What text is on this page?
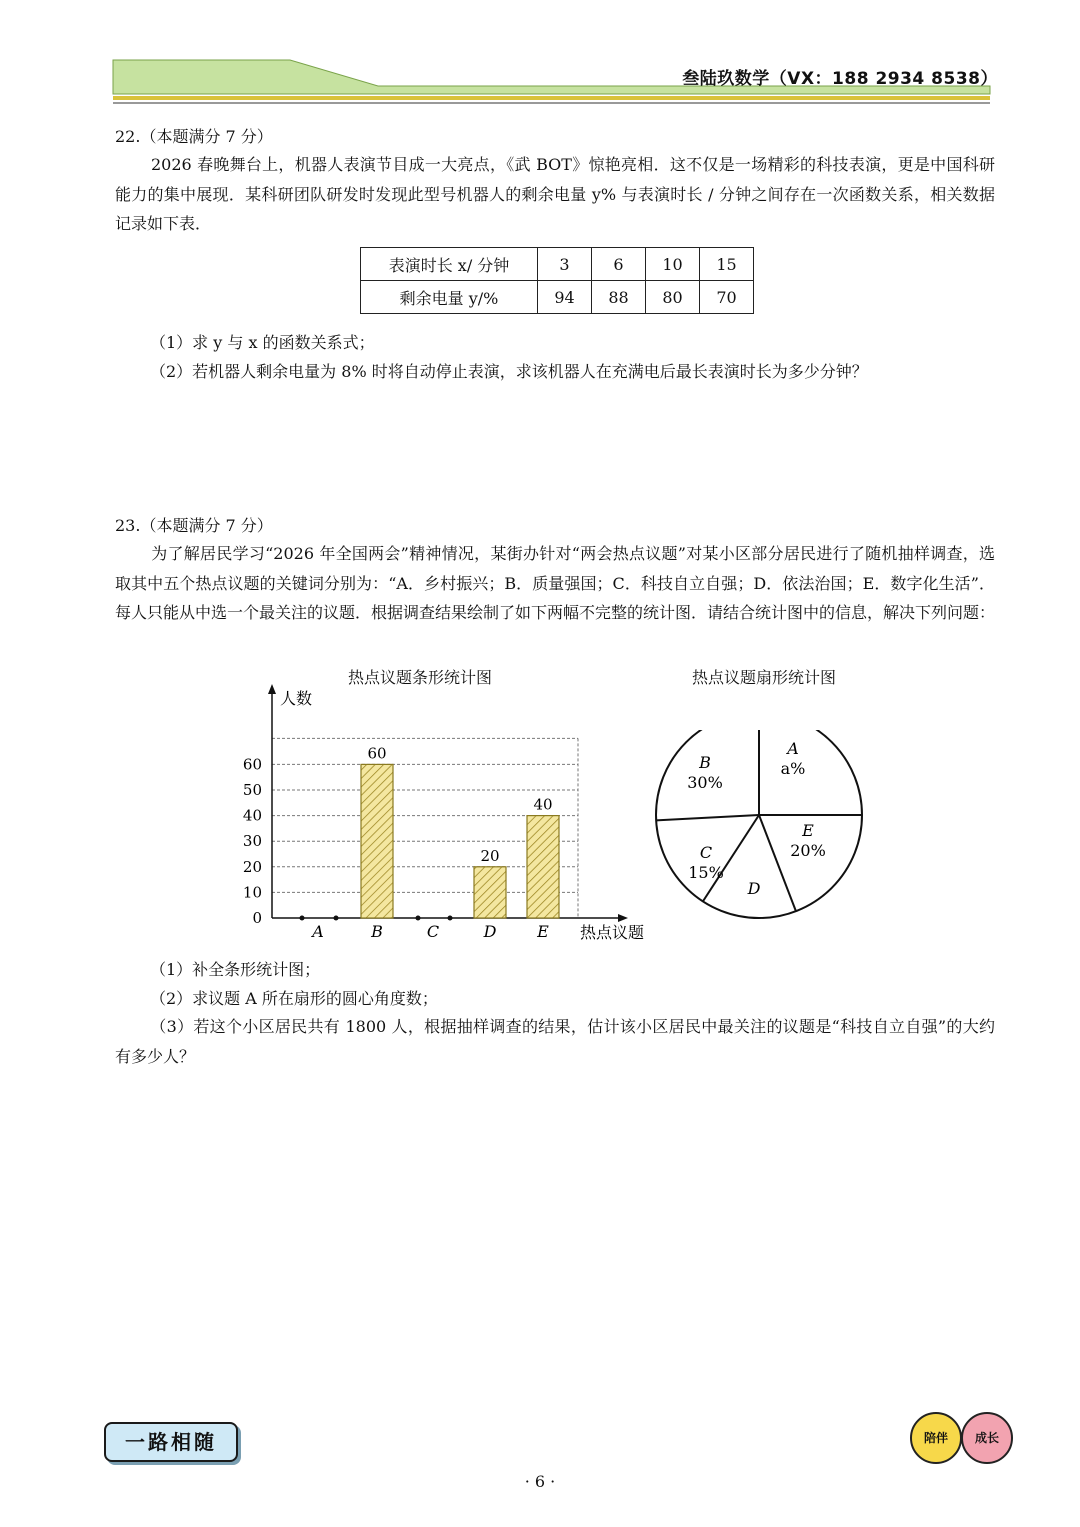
叁陆玖数学（VX：188 2934 8538）
22.（本题满分 7 分）
2026 春晚舞台上，机器人表演节目成一大亮点，《武 BOT》惊艳亮相．这不仅是一场精彩的科技表演，更是中国科研能力的集中展现．某科研团队研发时发现此型号机器人的剩余电量 y% 与表演时长 / 分钟之间存在一次函数关系，相关数据记录如下表．
表演时长 x/ 分钟	3	6	10	15
剩余电量 y/%	94	88	80	70
（1）求 y 与 x 的函数关系式；
（2）若机器人剩余电量为 8% 时将自动停止表演，求该机器人在充满电后最长表演时长为多少分钟？
23.（本题满分 7 分）
为了解居民学习“2026 年全国两会”精神情况，某街办针对“两会热点议题”对某小区部分居民进行了随机抽样调查，选取其中五个热点议题的关键词分别为：“A．乡村振兴；B．质量强国；C．科技自立自强；D．依法治国；E．数字化生活”．每人只能从中选一个最关注的议题．根据调查结果绘制了如下两幅不完整的统计图．请结合统计图中的信息，解决下列问题：
热点议题条形统计图	热点议题扇形统计图
0
10
20
30
40
50
60
人数
热点议题
A	B
60
C	D
20
E
40
A
a%
B
30%
C
15%
D
E
20%
（1）补全条形统计图；
（2）求议题 A 所在扇形的圆心角度数；
（3）若这个小区居民共有 1800 人，根据抽样调查的结果，估计该小区居民中最关注的议题是“科技自立自强”的大约有多少人？
一路相随
· 6 ·
陪伴	成长
